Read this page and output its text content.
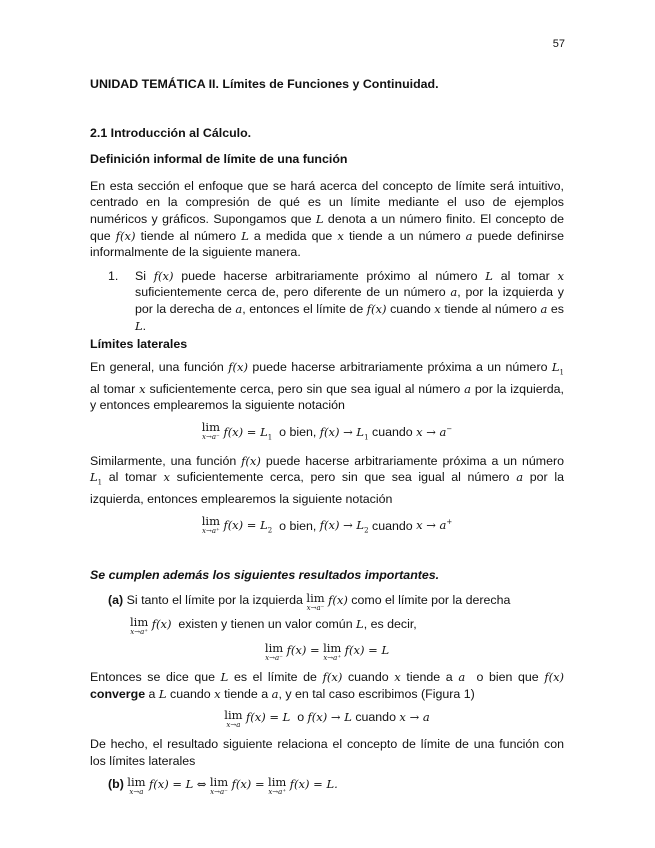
57
UNIDAD TEMÁTICA II. Límites de Funciones y Continuidad.
2.1 Introducción al Cálculo.
Definición informal de límite de una función

En esta sección el enfoque que se hará acerca del concepto de límite será intuitivo, centrado en la compresión de qué es un límite mediante el uso de ejemplos numéricos y gráficos. Supongamos que L denota a un número finito. El concepto de que f(x) tiende al número L a medida que x tiende a un número a puede definirse informalmente de la siguiente manera.

1. Si f(x) puede hacerse arbitrariamente próximo al número L al tomar x suficientemente cerca de, pero diferente de un número a, por la izquierda y por la derecha de a, entonces el límite de f(x) cuando x tiende al número a es L.
Límites laterales

En general, una función f(x) puede hacerse arbitrariamente próxima a un número $L_1$ al tomar x suficientemente cerca, pero sin que sea igual al número a por la izquierda, y entonces emplearemos la siguiente notación

lim
x→a⁻ $f(x) = L_1$ o bien, $f(x) \to L_1$ cuando x → a−

Similarmente, una función f(x) puede hacerse arbitrariamente próxima a un número $L_1$ al tomar x suficientemente cerca, pero sin que sea igual al número a por la izquierda, entonces emplearemos la siguiente notación

lim
x→a⁺ $f(x) = L_2$ o bien, $f(x) \to L_2$ cuando x → a+
Se cumplen además los siguientes resultados importantes.
(a) Si tanto el límite por la izquierda lim
x→a⁻
f(x) como el límite por la derecha
lim
x→a⁺
f(x) existen y tienen un valor común L, es decir,
lim
x→a⁻
f(x) = lim
x→a⁺
f(x) = L

Entonces se dice que L es el límite de f(x) cuando x tiende a a o bien que f(x) converge a L cuando x tiende a a, y en tal caso escribimos (Figura 1)

lim
x→a
f(x) = L o f(x) → L cuando x → a

De hecho, el resultado siguiente relaciona el concepto de límite de una función con los límites laterales

(b) lim
x→a
f(x) = L ⇔ lim
x→a⁻
f(x) = lim
x→a⁺
f(x) = L.
